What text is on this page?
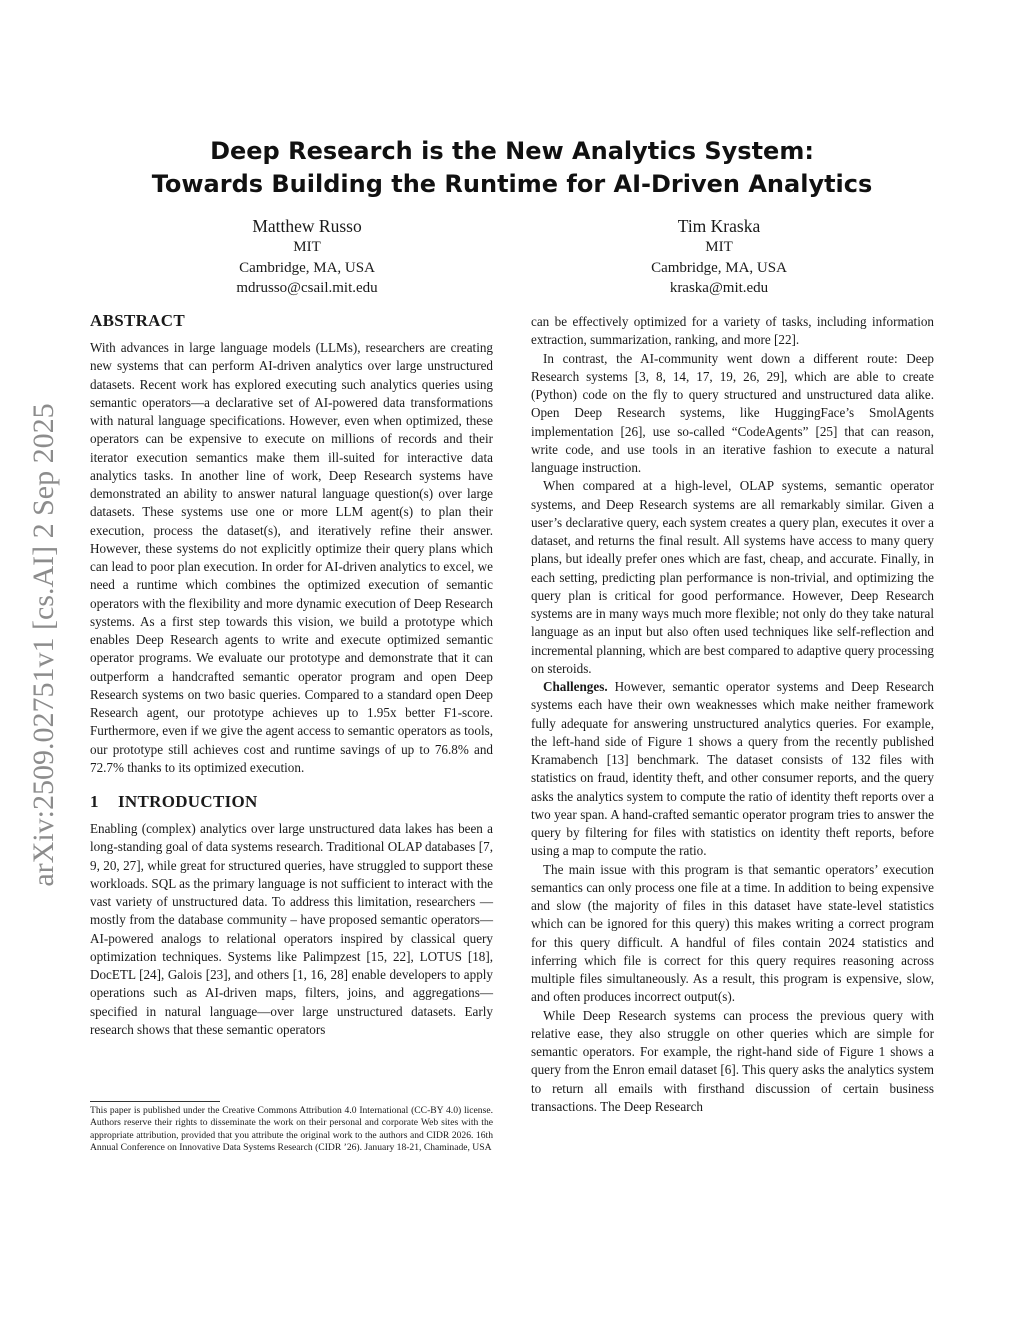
arXiv:2509.02751v1 [cs.AI] 2 Sep 2025
Deep Research is the New Analytics System:
Towards Building the Runtime for AI-Driven Analytics
Matthew Russo
MIT
Cambridge, MA, USA
mdrusso@csail.mit.edu
Tim Kraska
MIT
Cambridge, MA, USA
kraska@mit.edu
ABSTRACT

With advances in large language models (LLMs), researchers are creating new systems that can perform AI-driven analytics over large unstructured datasets. Recent work has explored executing such analytics queries using semantic operators—a declarative set of AI-powered data transformations with natural language specifications. However, even when optimized, these operators can be expensive to execute on millions of records and their iterator execution semantics make them ill-suited for interactive data analytics tasks. In another line of work, Deep Research systems have demonstrated an ability to answer natural language question(s) over large datasets. These systems use one or more LLM agent(s) to plan their execution, process the dataset(s), and iteratively refine their answer. However, these systems do not explicitly optimize their query plans which can lead to poor plan execution. In order for AI-driven analytics to excel, we need a runtime which combines the optimized execution of semantic operators with the flexibility and more dynamic execution of Deep Research systems. As a first step towards this vision, we build a prototype which enables Deep Research agents to write and execute optimized semantic operator programs. We evaluate our prototype and demonstrate that it can outperform a handcrafted semantic operator program and open Deep Research systems on two basic queries. Compared to a standard open Deep Research agent, our prototype achieves up to 1.95x better F1-score. Furthermore, even if we give the agent access to semantic operators as tools, our prototype still achieves cost and runtime savings of up to 76.8% and 72.7% thanks to its optimized execution.

1 INTRODUCTION

Enabling (complex) analytics over large unstructured data lakes has been a long-standing goal of data systems research. Traditional OLAP databases [7, 9, 20, 27], while great for structured queries, have struggled to support these workloads. SQL as the primary language is not sufficient to interact with the vast variety of unstructured data. To address this limitation, researchers — mostly from the database community – have proposed semantic operators—AI-powered analogs to relational operators inspired by classical query optimization techniques. Systems like Palimpzest [15, 22], LOTUS [18], DocETL [24], Galois [23], and others [1, 16, 28] enable developers to apply operations such as AI-driven maps, filters, joins, and aggregations—specified in natural language—over large unstructured datasets. Early research shows that these semantic operators

can be effectively optimized for a variety of tasks, including information extraction, summarization, ranking, and more [22].

In contrast, the AI-community went down a different route: Deep Research systems [3, 8, 14, 17, 19, 26, 29], which are able to create (Python) code on the fly to query structured and unstructured data alike. Open Deep Research systems, like HuggingFace’s SmolAgents implementation [26], use so-called “CodeAgents” [25] that can reason, write code, and use tools in an iterative fashion to execute a natural language instruction.

When compared at a high-level, OLAP systems, semantic operator systems, and Deep Research systems are all remarkably similar. Given a user’s declarative query, each system creates a query plan, executes it over a dataset, and returns the final result. All systems have access to many query plans, but ideally prefer ones which are fast, cheap, and accurate. Finally, in each setting, predicting plan performance is non-trivial, and optimizing the query plan is critical for good performance. However, Deep Research systems are in many ways much more flexible; not only do they take natural language as an input but also often used techniques like self-reflection and incremental planning, which are best compared to adaptive query processing on steroids.

Challenges. However, semantic operator systems and Deep Research systems each have their own weaknesses which make neither framework fully adequate for answering unstructured analytics queries. For example, the left-hand side of Figure 1 shows a query from the recently published Kramabench [13] benchmark. The dataset consists of 132 files with statistics on fraud, identity theft, and other consumer reports, and the query asks the analytics system to compute the ratio of identity theft reports over a two year span. A hand-crafted semantic operator program tries to answer the query by filtering for files with statistics on identity theft reports, before using a map to compute the ratio.

The main issue with this program is that semantic operators’ execution semantics can only process one file at a time. In addition to being expensive and slow (the majority of files in this dataset have state-level statistics which can be ignored for this query) this makes writing a correct program for this query difficult. A handful of files contain 2024 statistics and inferring which file is correct for this query requires reasoning across multiple files simultaneously. As a result, this program is expensive, slow, and often produces incorrect output(s).

While Deep Research systems can process the previous query with relative ease, they also struggle on other queries which are simple for semantic operators. For example, the right-hand side of Figure 1 shows a query from the Enron email dataset [6]. This query asks the analytics system to return all emails with firsthand discussion of certain business transactions. The Deep Research

This paper is published under the Creative Commons Attribution 4.0 International (CC-BY 4.0) license. Authors reserve their rights to disseminate the work on their personal and corporate Web sites with the appropriate attribution, provided that you attribute the original work to the authors and CIDR 2026. 16th Annual Conference on Innovative Data Systems Research (CIDR ’26). January 18-21, Chaminade, USA
